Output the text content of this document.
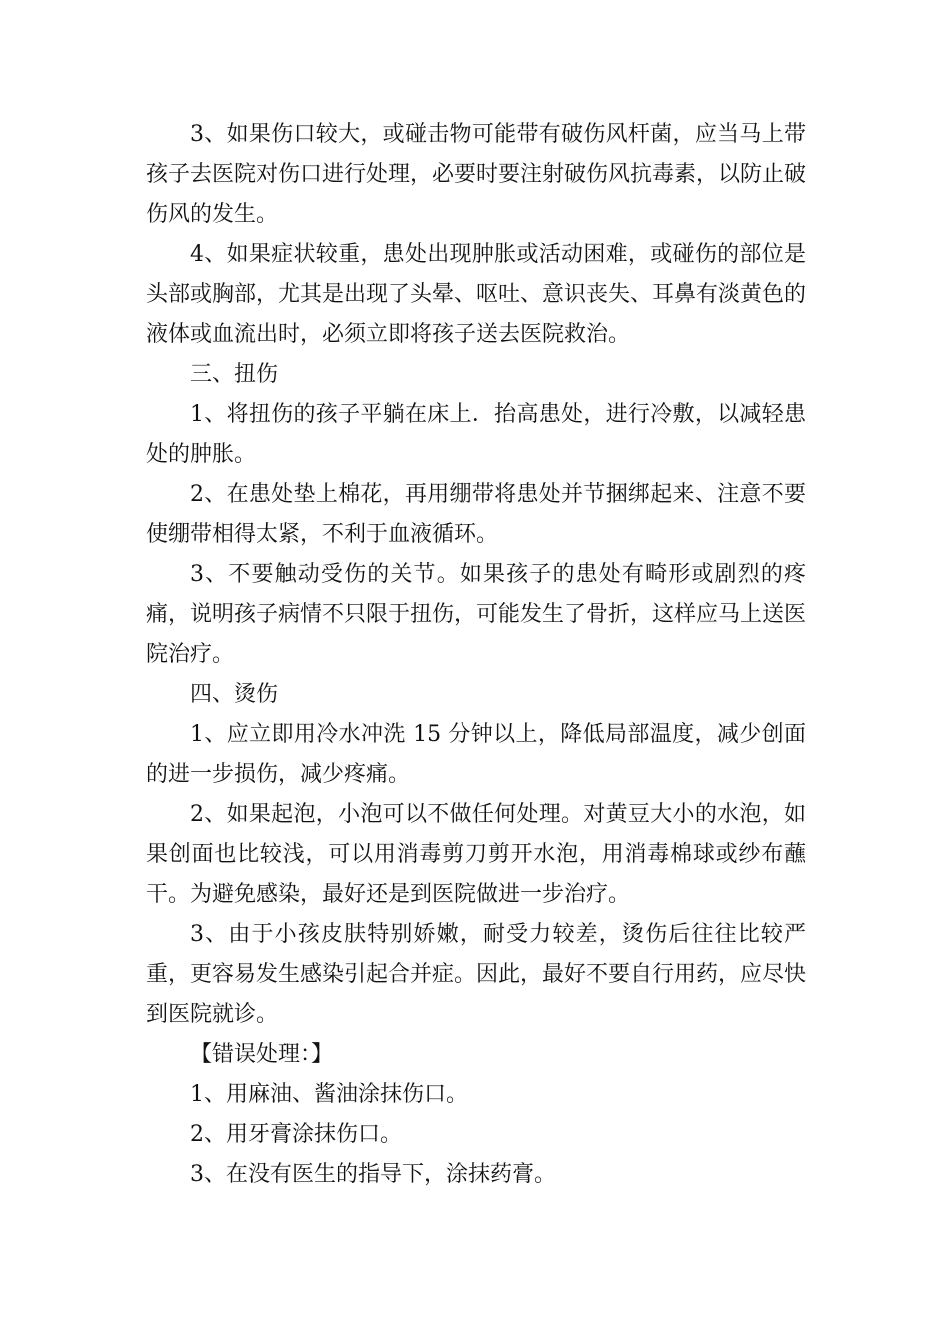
3、如果伤口较大，或碰击物可能带有破伤风杆菌，应当马上带孩子去医院对伤口进行处理，必要时要注射破伤风抗毒素，以防止破伤风的发生。

4、如果症状较重，患处出现肿胀或活动困难，或碰伤的部位是头部或胸部，尤其是出现了头晕、呕吐、意识丧失、耳鼻有淡黄色的液体或血流出时，必须立即将孩子送去医院救治。

三、扭伤

1、将扭伤的孩子平躺在床上．抬高患处，进行冷敷，以减轻患处的肿胀。

2、在患处垫上棉花，再用绷带将患处并节捆绑起来、注意不要使绷带相得太紧，不利于血液循环。

3、不要触动受伤的关节。如果孩子的患处有畸形或剧烈的疼痛，说明孩子病情不只限于扭伤，可能发生了骨折，这样应马上送医院治疗。

四、烫伤

1、应立即用冷水冲洗 15 分钟以上，降低局部温度，减少创面的进一步损伤，减少疼痛。

2、如果起泡，小泡可以不做任何处理。对黄豆大小的水泡，如果创面也比较浅，可以用消毒剪刀剪开水泡，用消毒棉球或纱布蘸干。为避免感染，最好还是到医院做进一步治疗。

3、由于小孩皮肤特别娇嫩，耐受力较差，烫伤后往往比较严重，更容易发生感染引起合并症。因此，最好不要自行用药，应尽快到医院就诊。

【错误处理：】

1、用麻油、酱油涂抹伤口。

2、用牙膏涂抹伤口。

3、在没有医生的指导下，涂抹药膏。
